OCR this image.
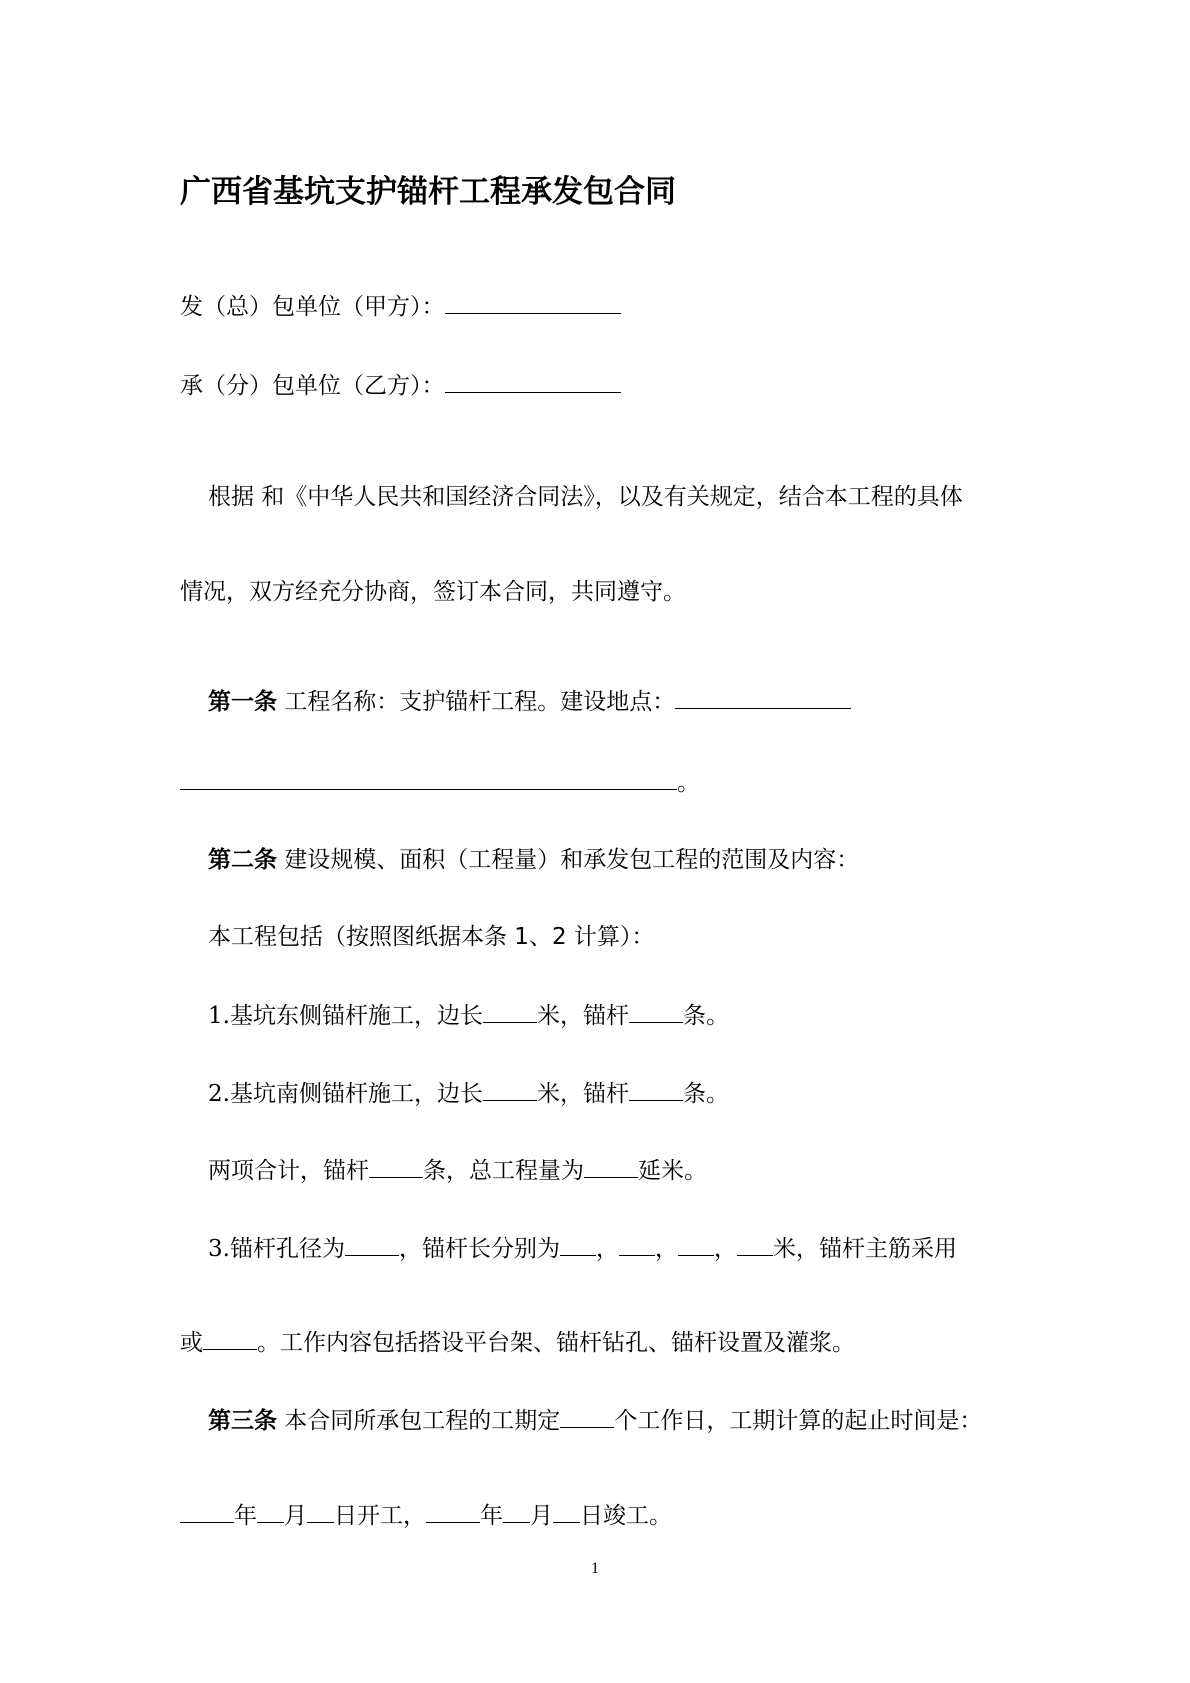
广西省基坑支护锚杆工程承发包合同
发（总）包单位（甲方）：
承（分）包单位（乙方）：
根据 和《中华人民共和国经济合同法》，以及有关规定，结合本工程的具体
情况，双方经充分协商，签订本合同，共同遵守。
第一条 工程名称：支护锚杆工程。建设地点：
。
第二条 建设规模、面积（工程量）和承发包工程的范围及内容：
本工程包括（按照图纸据本条 1、2 计算）：
1.基坑东侧锚杆施工，边长 米，锚杆 条。
2.基坑南侧锚杆施工，边长 米，锚杆 条。
两项合计，锚杆 条，总工程量为 延米。
3.锚杆孔径为 ，锚杆长分别为 ， ， ， 米，锚杆主筋采用
或 。工作内容包括搭设平台架、锚杆钻孔、锚杆设置及灌浆。
第三条 本合同所承包工程的工期定 个工作日，工期计算的起止时间是：
年 月 日开工， 年 月 日竣工。
1
